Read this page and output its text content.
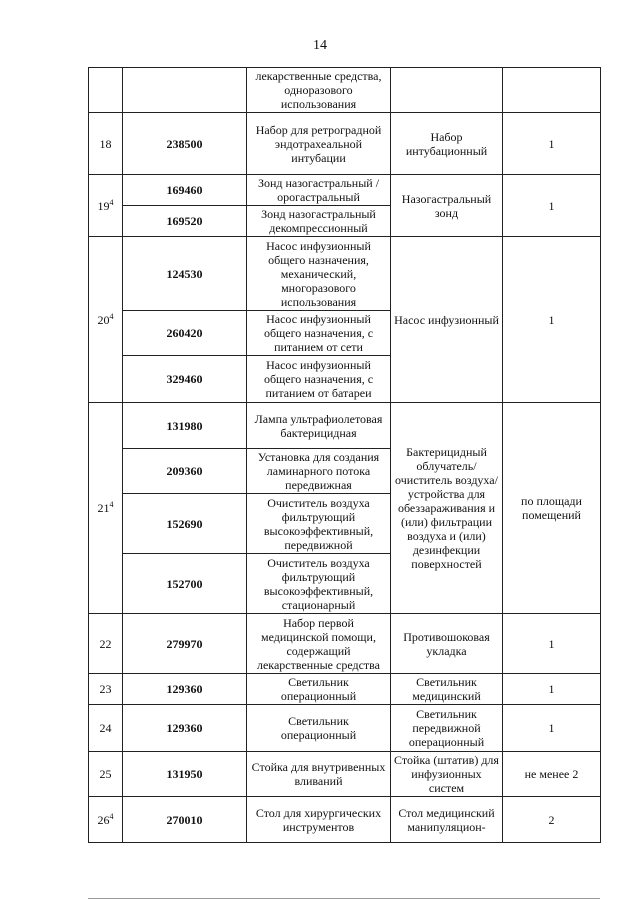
14
		лекарственные средства, одноразового использования		
18	238500	Набор для ретроградной эндотрахеальной интубации	Набор интубационный	1
$19^4$	169460	Зонд назогастральный /орогастральный	Назогастральный зонд	1
	169520	Зонд назогастральный декомпрессионный		
$20^4$	124530	Насос инфузионный общего назначения, механический, многоразового использования	Насос инфузионный	1
	260420	Насос инфузионный общего назначения, с питанием от сети		
	329460	Насос инфузионный общего назначения, с питанием от батареи		
$21^4$	131980	Лампа ультрафиолетовая бактерицидная	Бактерицидный облучатель/ очиститель воздуха/ устройства для обеззараживания и (или) фильтрации воздуха и (или) дезинфекции поверхностей	по площади помещений
	209360	Установка для создания ламинарного потока передвижная		
	152690	Очиститель воздуха фильтрующий высокоэффективный, передвижной		
	152700	Очиститель воздуха фильтрующий высокоэффективный, стационарный		
22	279970	Набор первой медицинской помощи, содержащий лекарственные средства	Противошоковая укладка	1
23	129360	Светильник операционный	Светильник медицинский	1
24	129360	Светильник операционный	Светильник передвижной операционный	1
25	131950	Стойка для внутривенных вливаний	Стойка (штатив) для инфузионных систем	не менее 2
$26^4$	270010	Стол для хирургических инструментов	Стол медицинский манипуляцион-	2
